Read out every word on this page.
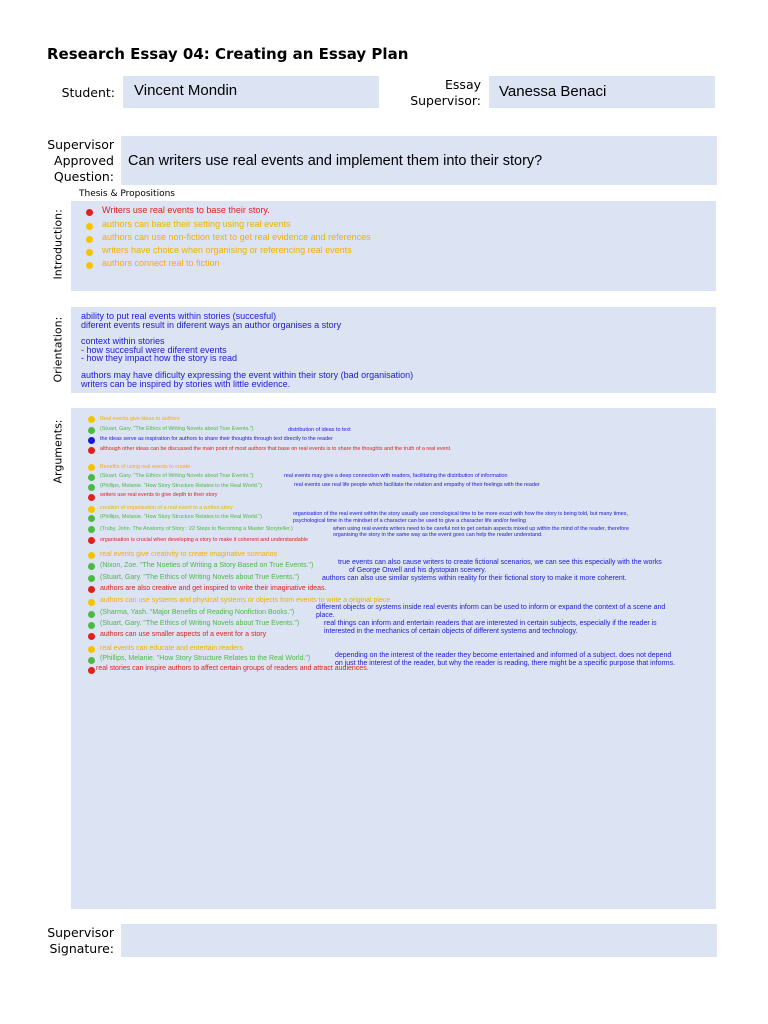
Research Essay 04: Creating an Essay Plan
Student: Vincent Mondin	Essay
Supervisor:
Vanessa Benaci
Supervisor
Approved
Question:
Can writers use real events and implement them into their story?
Thesis & Propositions
Introduction:	Writers use real events to base their story.
authors can base their setting using real events
authors can use non-fiction text to get real evidence and references
writers have choice when organising or referencing real events
authors connect real to fiction
Orientation:
ability to put real events within stories (succesful)
diferent events result in diferent ways an author organises a story
context within stories
- how succesful were diferent events
- how they impact how the story is read
authors may have dificulty expressing the event within their story (bad organisation)
writers can be inspired by stories with little evidence.
Arguments:
Real events give ideas to authors
(Stuart, Gary. "The Ethics of Writing Novels about True Events.")	distribution of ideas to text
the ideas serve as inspiration for authors to share their thoughts through text directly to the reader
although other ideas can be discussed the main point of most authors that base on real events is to share the thoughts and the truth of a real event.
Benefits of using real events to create
(Stuart, Gary. "The Ethics of Writing Novels about True Events.")	real events may give a deep connection with readers, facilitating the distribution of information
(Phillips, Melanie. "How Story Structure Relates to the Real World.")	real events use real life people which facilitate the relation and empathy of their feelings with the reader
writers use real events to give depth to their story
creation of organisation of a real event to a written story
(Phillips, Melanie. "How Story Structure Relates to the Real World.")	organisation of the real event within the story usually use cronological time to be more exact with how the story is being told, but many times,
psychological time in the mindset of a character can be used to give a character life and/or feeling
(Truby, John. The Anatomy of Story : 22 Steps to Becoming a Master Storyteller.)	when using real events writers need to be careful not to get certain aspects mixed up within the mind of the reader, therefore
organising the story in the same way as the event goes can help the reader understand.
organisation is crucial when developing a story to make it coherent and understandable
real events give creativity to create imaginative scenarios
(Nixon, Zoe. "The Noeties of Writing a Story Based on True Events.")	true events can also cause writers to create fictional scenarios, we can see this especially with the works
of George Orwell and his dystopian scenery.
(Stuart, Gary. "The Ethics of Writing Novels about True Events.")	authors can also use similar systems within reality for their fictional story to make it more coherent.
authors are also creative and get inspired to write their imaginative ideas.
authors can use systems and physical systems or objects from events to write a original piece
(Sharma, Yash. "Major Benefits of Reading Nonfiction Books.")
different objects or systems inside real events inform can be used to inform or expand the context of a scene and
place.
(Stuart, Gary. "The Ethics of Writing Novels about True Events.")	real things can inform and entertain readers that are interested in certain subjects, especially if the reader is
interested in the mechanics of certain objects of different systems and technology.
authors can use smaller aspects of a event for a story
real events can educate and entertain readers
(Phillips, Melanie. "How Story Structure Relates to the Real World.")	depending on the interest of the reader they become entertained and informed of a subject. does not depend
on just the interest of the reader, but why the reader is reading, there might be a specific purpose that informs.
real stories can inspire authors to affect certain groups of readers and attract audiences.
Supervisor
Signature:
